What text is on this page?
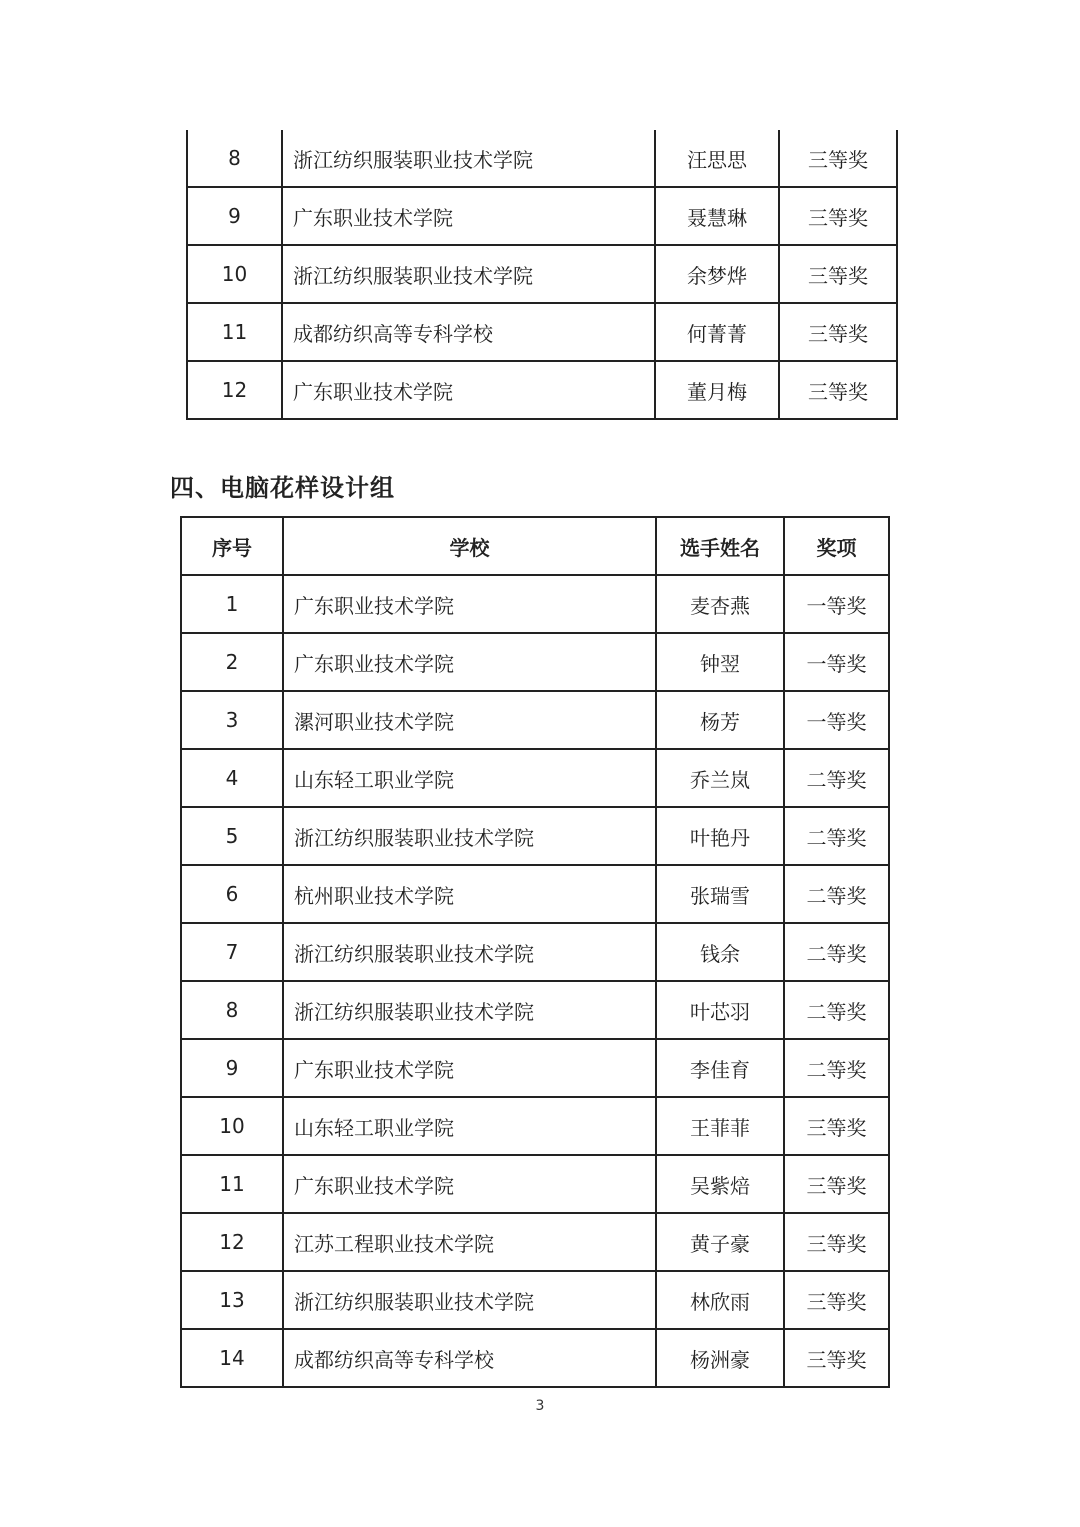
8	浙江纺织服装职业技术学院	汪思思	三等奖
9	广东职业技术学院	聂慧琳	三等奖
10	浙江纺织服装职业技术学院	余梦烨	三等奖
11	成都纺织高等专科学校	何菁菁	三等奖
12	广东职业技术学院	董月梅	三等奖
四、电脑花样设计组
序号	学校	选手姓名	奖项
1	广东职业技术学院	麦杏燕	一等奖
2	广东职业技术学院	钟翌	一等奖
3	漯河职业技术学院	杨芳	一等奖
4	山东轻工职业学院	乔兰岚	二等奖
5	浙江纺织服装职业技术学院	叶艳丹	二等奖
6	杭州职业技术学院	张瑞雪	二等奖
7	浙江纺织服装职业技术学院	钱余	二等奖
8	浙江纺织服装职业技术学院	叶芯羽	二等奖
9	广东职业技术学院	李佳育	二等奖
10	山东轻工职业学院	王菲菲	三等奖
11	广东职业技术学院	吴紫焙	三等奖
12	江苏工程职业技术学院	黄子豪	三等奖
13	浙江纺织服装职业技术学院	林欣雨	三等奖
14	成都纺织高等专科学校	杨洲豪	三等奖
3
